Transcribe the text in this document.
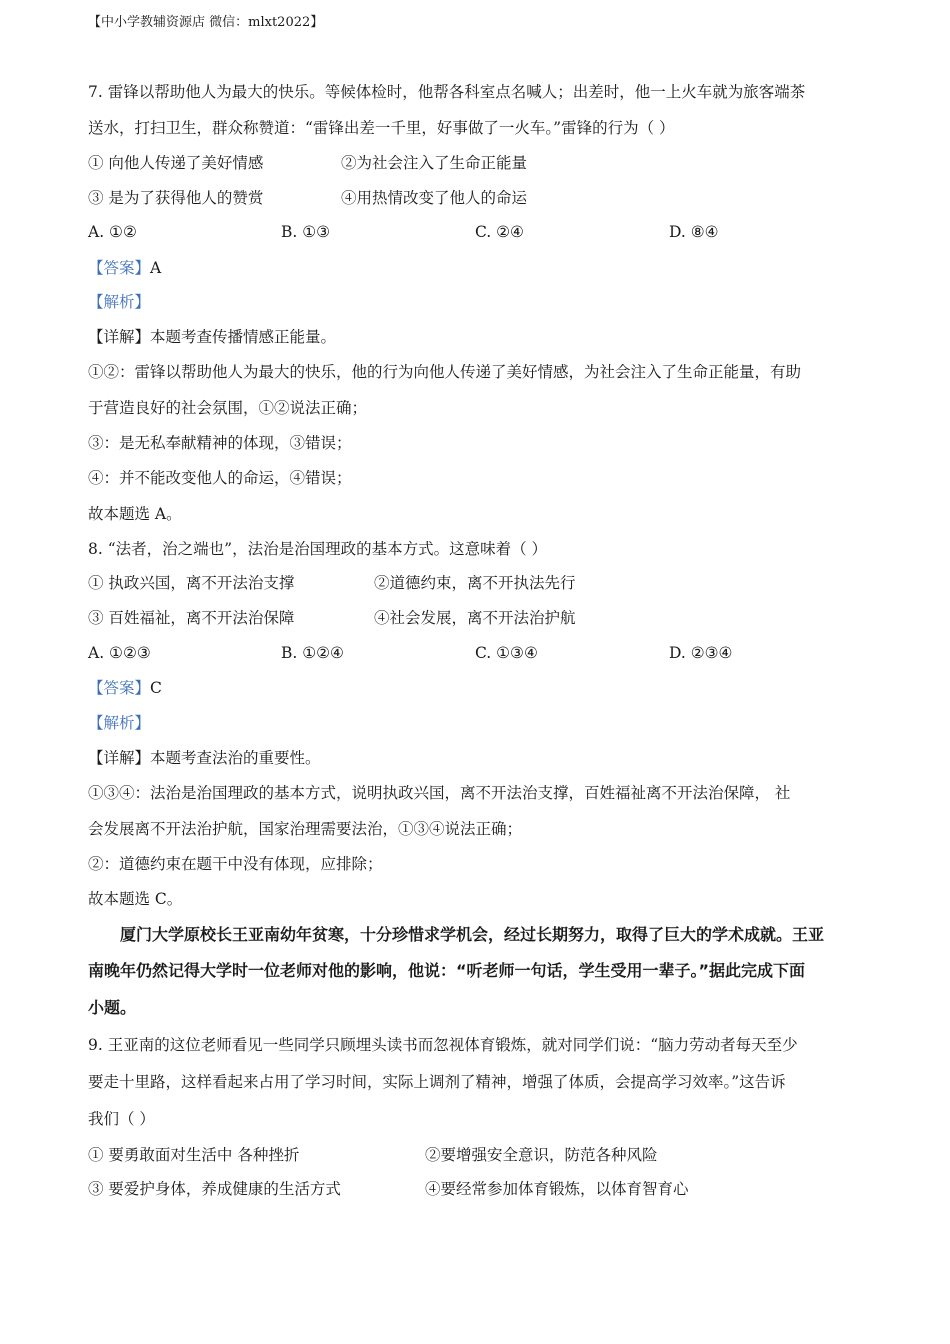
【中小学教辅资源店 微信：mlxt2022】
7. 雷锋以帮助他人为最大的快乐。等候体检时，他帮各科室点名喊人；出差时，他一上火车就为旅客端茶
送水，打扫卫生，群众称赞道：“雷锋出差一千里，好事做了一火车。”雷锋的行为（ ）
① 向他人传递了美好情感	②为社会注入了生命正能量
③ 是为了获得他人的赞赏	④用热情改变了他人的命运
A. ①②	B. ①③	C. ②④	D. ⑧④
【答案】A
【解析】
【详解】本题考查传播情感正能量。
①②：雷锋以帮助他人为最大的快乐，他的行为向他人传递了美好情感，为社会注入了生命正能量，有助
于营造良好的社会氛围，①②说法正确；
③：是无私奉献精神的体现，③错误；
④：并不能改变他人的命运，④错误；
故本题选 A。
8. “法者，治之端也”，法治是治国理政的基本方式。这意味着（ ）
① 执政兴国，离不开法治支撑	②道德约束，离不开执法先行
③ 百姓福祉，离不开法治保障	④社会发展，离不开法治护航
A. ①②③	B. ①②④	C. ①③④	D. ②③④
【答案】C
【解析】
【详解】本题考查法治的重要性。
①③④：法治是治国理政的基本方式，说明执政兴国，离不开法治支撑，百姓福祉离不开法治保障， 社
会发展离不开法治护航，国家治理需要法治，①③④说法正确；
②：道德约束在题干中没有体现，应排除；
故本题选 C。
厦门大学原校长王亚南幼年贫寒，十分珍惜求学机会，经过长期努力，取得了巨大的学术成就。王亚
南晚年仍然记得大学时一位老师对他的影响，他说：“听老师一句话，学生受用一辈子。”据此完成下面
小题。
9. 王亚南的这位老师看见一些同学只顾埋头读书而忽视体育锻炼，就对同学们说：“脑力劳动者每天至少
要走十里路，这样看起来占用了学习时间，实际上调剂了精神，增强了体质，会提高学习效率。”这告诉
我们（ ）
① 要勇敢面对生活中 各种挫折	②要增强安全意识，防范各种风险
③ 要爱护身体，养成健康的生活方式	④要经常参加体育锻炼，以体育智育心
